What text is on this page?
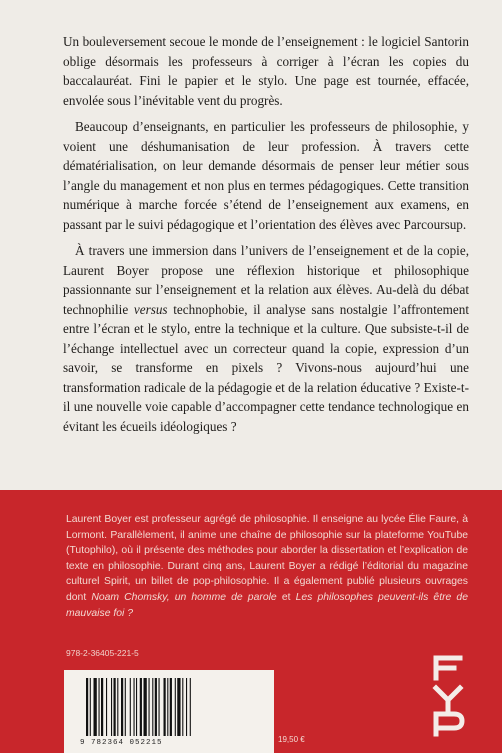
Un bouleversement secoue le monde de l’enseignement : le logiciel Santorin oblige désormais les professeurs à corriger à l’écran les copies du baccalauréat. Fini le papier et le stylo. Une page est tournée, effacée, envolée sous l’inévitable vent du progrès.

Beaucoup d’enseignants, en particulier les professeurs de philosophie, y voient une déshumanisation de leur profession. À travers cette dématérialisation, on leur demande désormais de penser leur métier sous l’angle du management et non plus en termes pédagogiques. Cette transition numérique à marche forcée s’étend de l’enseignement aux examens, en passant par le suivi pédagogique et l’orientation des élèves avec Parcoursup.

À travers une immersion dans l’univers de l’enseignement et de la copie, Laurent Boyer propose une réflexion historique et philosophique passionnante sur l’enseignement et la relation aux élèves. Au-delà du débat technophilie versus technophobie, il analyse sans nostalgie l’affrontement entre l’écran et le stylo, entre la technique et la culture. Que subsiste-t-il de l’échange intellectuel avec un correcteur quand la copie, expression d’un savoir, se transforme en pixels ? Vivons-nous aujourd’hui une transformation radicale de la pédagogie et de la relation éducative ? Existe-t-il une nouvelle voie capable d’accompagner cette tendance technologique en évitant les écueils idéologiques ?

Laurent Boyer est professeur agrégé de philosophie. Il enseigne au lycée Élie Faure, à Lormont. Parallèlement, il anime une chaîne de philosophie sur la plateforme YouTube (Tutophilo), où il présente des méthodes pour aborder la dissertation et l’explication de texte en philosophie. Durant cinq ans, Laurent Boyer a rédigé l’éditorial du magazine culturel Spirit, un billet de pop-philosophie. Il a également publié plusieurs ouvrages dont Noam Chomsky, un homme de parole et Les philosophes peuvent-ils être de mauvaise foi ?
978-2-36405-221-5
9 782364 052215	19,50 €
